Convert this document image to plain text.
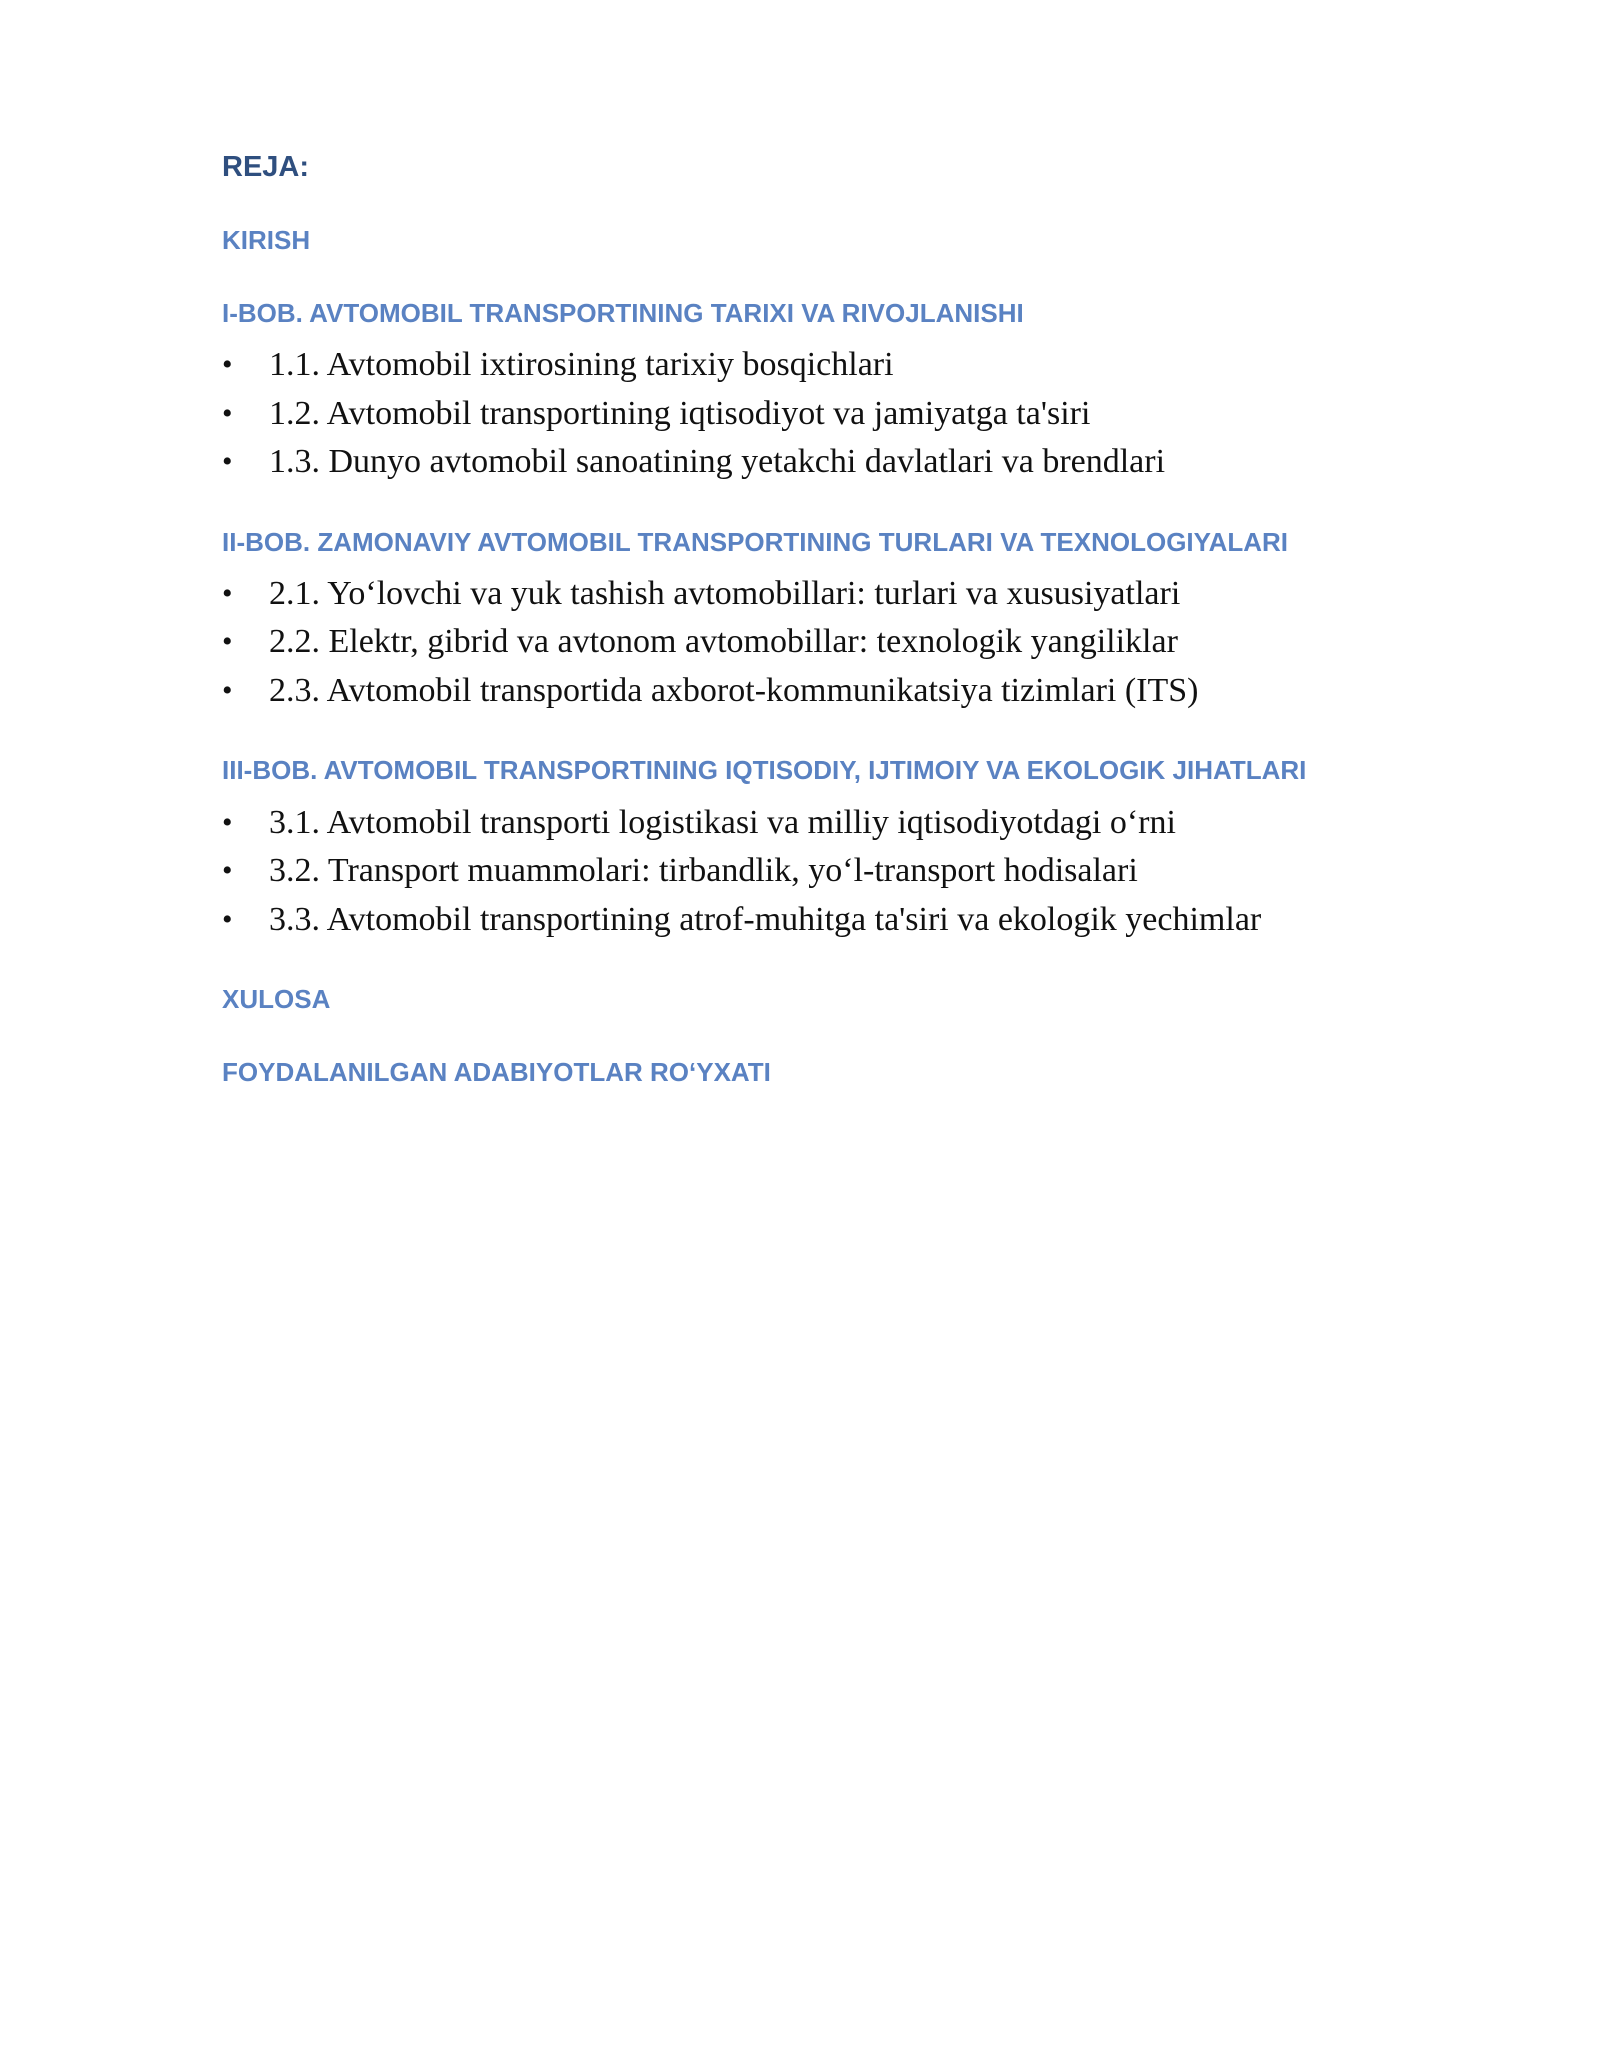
REJA:
KIRISH
I-BOB. AVTOMOBIL TRANSPORTINING TARIXI VA RIVOJLANISHI
• 1.1. Avtomobil ixtirosining tarixiy bosqichlari
• 1.2. Avtomobil transportining iqtisodiyot va jamiyatga ta'siri
• 1.3. Dunyo avtomobil sanoatining yetakchi davlatlari va brendlari
II-BOB. ZAMONAVIY AVTOMOBIL TRANSPORTINING TURLARI VA TEXNOLOGIYALARI
• 2.1. Yo‘lovchi va yuk tashish avtomobillari: turlari va xususiyatlari
• 2.2. Elektr, gibrid va avtonom avtomobillar: texnologik yangiliklar
• 2.3. Avtomobil transportida axborot-kommunikatsiya tizimlari (ITS)
III-BOB. AVTOMOBIL TRANSPORTINING IQTISODIY, IJTIMOIY VA EKOLOGIK JIHATLARI
• 3.1. Avtomobil transporti logistikasi va milliy iqtisodiyotdagi o‘rni
• 3.2. Transport muammolari: tirbandlik, yo‘l-transport hodisalari
• 3.3. Avtomobil transportining atrof-muhitga ta'siri va ekologik yechimlar
XULOSA
FOYDALANILGAN ADABIYOTLAR RO‘YXATI
